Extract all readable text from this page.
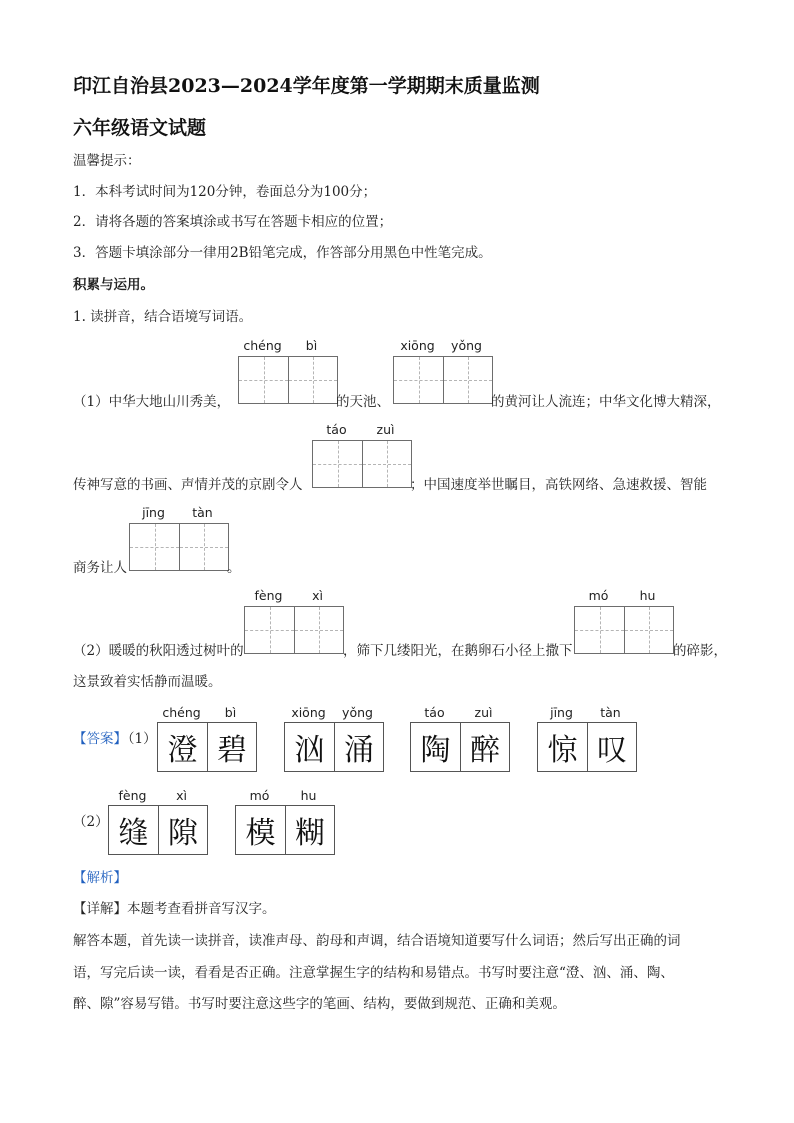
印江自治县2023—2024学年度第一学期期末质量监测
六年级语文试题
温馨提示：
1．本科考试时间为120分钟，卷面总分为100分；
2．请将各题的答案填涂或书写在答题卡相应的位置；
3．答题卡填涂部分一律用2B铅笔完成，作答部分用黑色中性笔完成。
积累与运用。
1. 读拼音，结合语境写词语。
chéng	bì	xiōng	yǒng
（1）中华大地山川秀美，	的天池、	的黄河让人流连；中华文化博大精深，
táo	zuì
传神写意的书画、声情并茂的京剧令人	；中国速度举世瞩目，高铁网络、急速救援、智能
jīng	tàn
商务让人	。
fèng	xì	mó	hu
（2）暖暖的秋阳透过树叶的	，筛下几缕阳光，在鹅卵石小径上撒下	的碎影，
这景致着实恬静而温暖。
【答案】
（1）
chéng	bì
澄 碧
xiōng	yǒng
汹 涌
táo	zuì
陶 醉
jīng	tàn
惊 叹
（2）
fèng	xì
缝 隙
mó	hu
模 糊
【解析】
【详解】本题考查看拼音写汉字。
解答本题，首先读一读拼音，读准声母、韵母和声调，结合语境知道要写什么词语；然后写出正确的词
语，写完后读一读，看看是否正确。注意掌握生字的结构和易错点。书写时要注意“澄、汹、涌、陶、
醉、隙”容易写错。书写时要注意这些字的笔画、结构，要做到规范、正确和美观。
